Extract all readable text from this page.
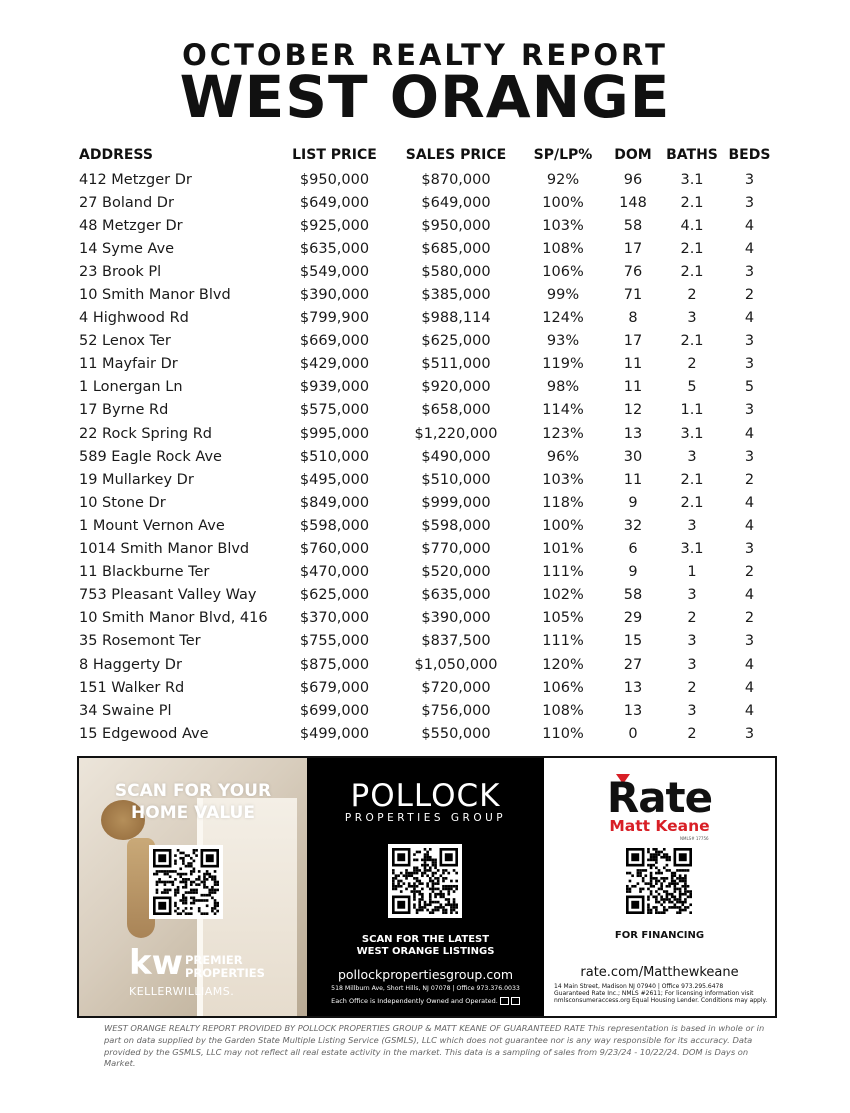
OCTOBER REALTY REPORT
WEST ORANGE
ADDRESS	LIST PRICE	SALES PRICE	SP/LP%	DOM	BATHS	BEDS
412 Metzger Dr	$950,000	$870,000	92%	96	3.1	3
27 Boland Dr	$649,000	$649,000	100%	148	2.1	3
48 Metzger Dr	$925,000	$950,000	103%	58	4.1	4
14 Syme Ave	$635,000	$685,000	108%	17	2.1	4
23 Brook Pl	$549,000	$580,000	106%	76	2.1	3
10 Smith Manor Blvd	$390,000	$385,000	99%	71	2	2
4 Highwood Rd	$799,900	$988,114	124%	8	3	4
52 Lenox Ter	$669,000	$625,000	93%	17	2.1	3
11 Mayfair Dr	$429,000	$511,000	119%	11	2	3
1 Lonergan Ln	$939,000	$920,000	98%	11	5	5
17 Byrne Rd	$575,000	$658,000	114%	12	1.1	3
22 Rock Spring Rd	$995,000	$1,220,000	123%	13	3.1	4
589 Eagle Rock Ave	$510,000	$490,000	96%	30	3	3
19 Mullarkey Dr	$495,000	$510,000	103%	11	2.1	2
10 Stone Dr	$849,000	$999,000	118%	9	2.1	4
1 Mount Vernon Ave	$598,000	$598,000	100%	32	3	4
1014 Smith Manor Blvd	$760,000	$770,000	101%	6	3.1	3
11 Blackburne Ter	$470,000	$520,000	111%	9	1	2
753 Pleasant Valley Way	$625,000	$635,000	102%	58	3	4
10 Smith Manor Blvd, 416	$370,000	$390,000	105%	29	2	2
35 Rosemont Ter	$755,000	$837,500	111%	15	3	3
8 Haggerty Dr	$875,000	$1,050,000	120%	27	3	4
151 Walker Rd	$679,000	$720,000	106%	13	2	4
34 Swaine Pl	$699,000	$756,000	108%	13	3	4
15 Edgewood Ave	$499,000	$550,000	110%	0	2	3
SCAN FOR YOUR
HOME VALUE
kw PREMIER
PROPERTIES
KELLERWILLIAMS.
POLLOCK
PROPERTIES GROUP
SCAN FOR THE LATEST
WEST ORANGE LISTINGS
pollockpropertiesgroup.com
518 Millburn Ave, Short Hills, NJ 07078 | Office 973.376.0033
Each Office is Independently Owned and Operated.
Rate
Matt Keane
NMLS# 17756
FOR FINANCING
rate.com/Matthewkeane
14 Main Street, Madison NJ 07940 | Office 973.295.6478
Guaranteed Rate Inc.; NMLS #2611; For licensing information visit
nmlsconsumeraccess.org Equal Housing Lender. Conditions may apply.
WEST ORANGE REALTY REPORT PROVIDED BY POLLOCK PROPERTIES GROUP & MATT KEANE OF GUARANTEED RATE This representation is based in whole or in part on data supplied by the Garden State Multiple Listing Service (GSMLS), LLC which does not guarantee nor is any way responsible for its accuracy. Data provided by the GSMLS, LLC may not reflect all real estate activity in the market. This data is a sampling of sales from 9/23/24 - 10/22/24. DOM is Days on Market.
